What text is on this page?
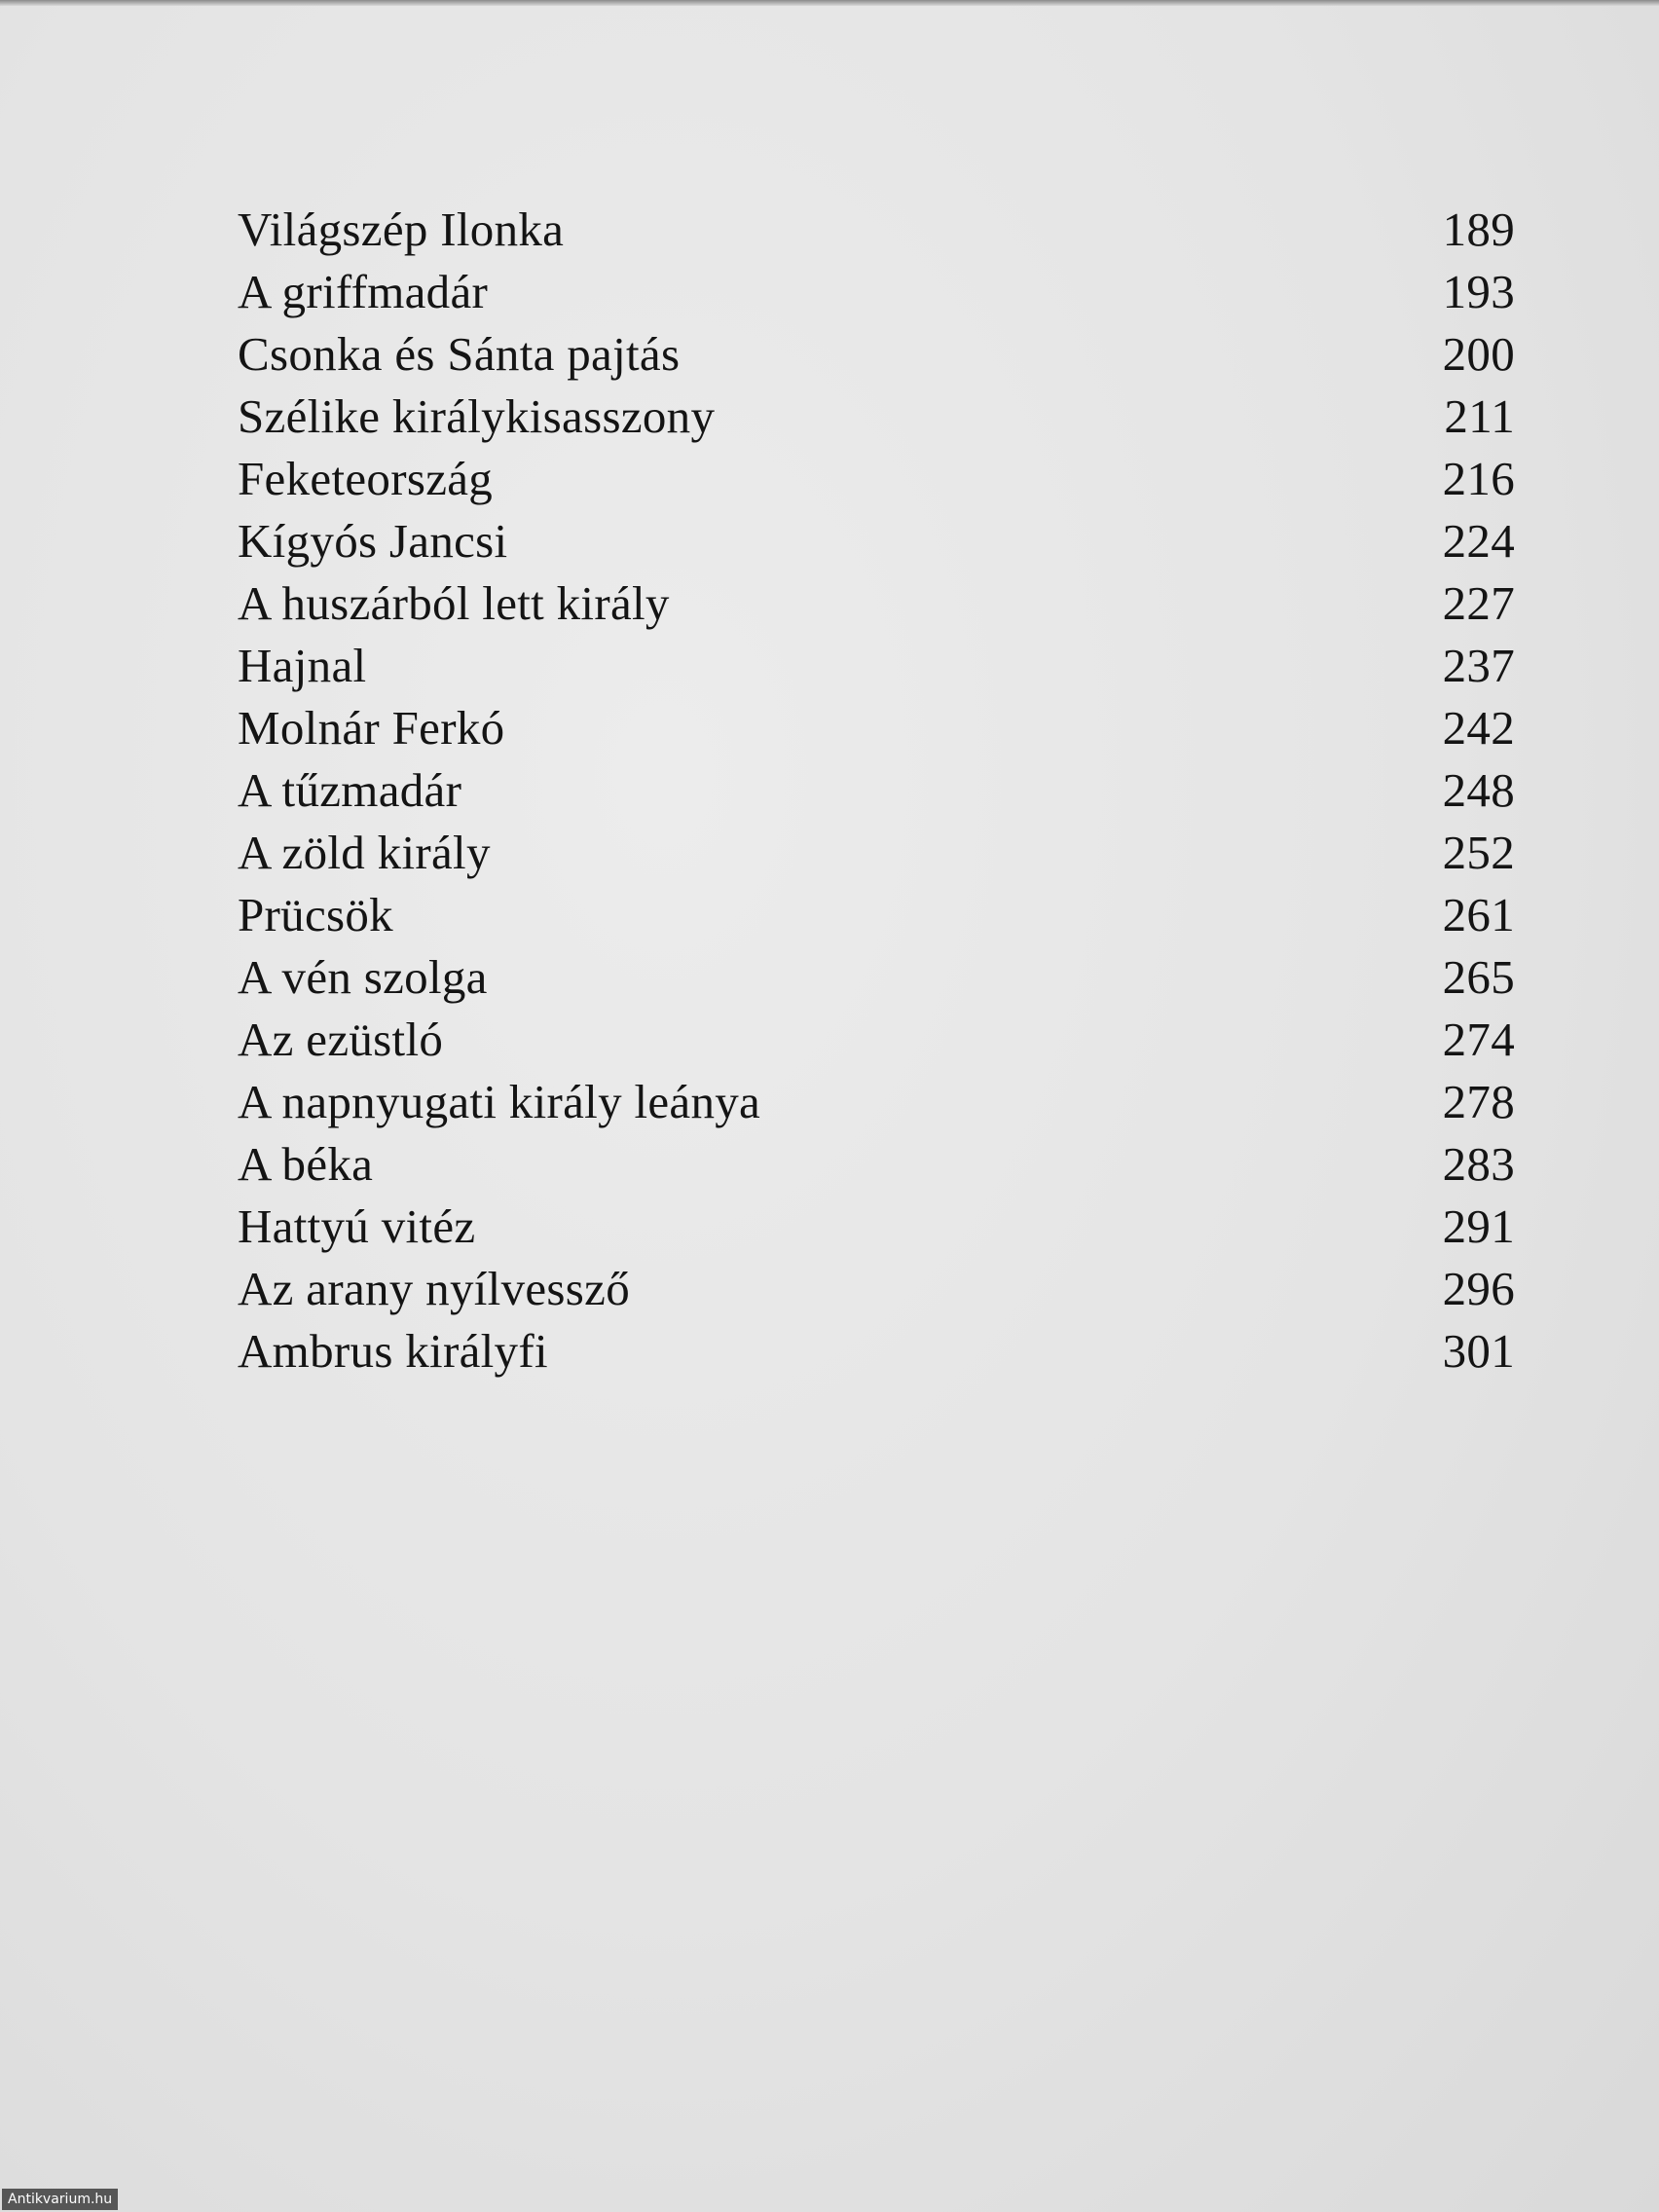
Világszép Ilonka	189
A griffmadár	193
Csonka és Sánta pajtás	200
Szélike királykisasszony	211
Feketeország	216
Kígyós Jancsi	224
A huszárból lett király	227
Hajnal	237
Molnár Ferkó	242
A tűzmadár	248
A zöld király	252
Prücsök	261
A vén szolga	265
Az ezüstló	274
A napnyugati király leánya	278
A béka	283
Hattyú vitéz	291
Az arany nyílvessző	296
Ambrus királyfi	301
Antikvarium.hu
